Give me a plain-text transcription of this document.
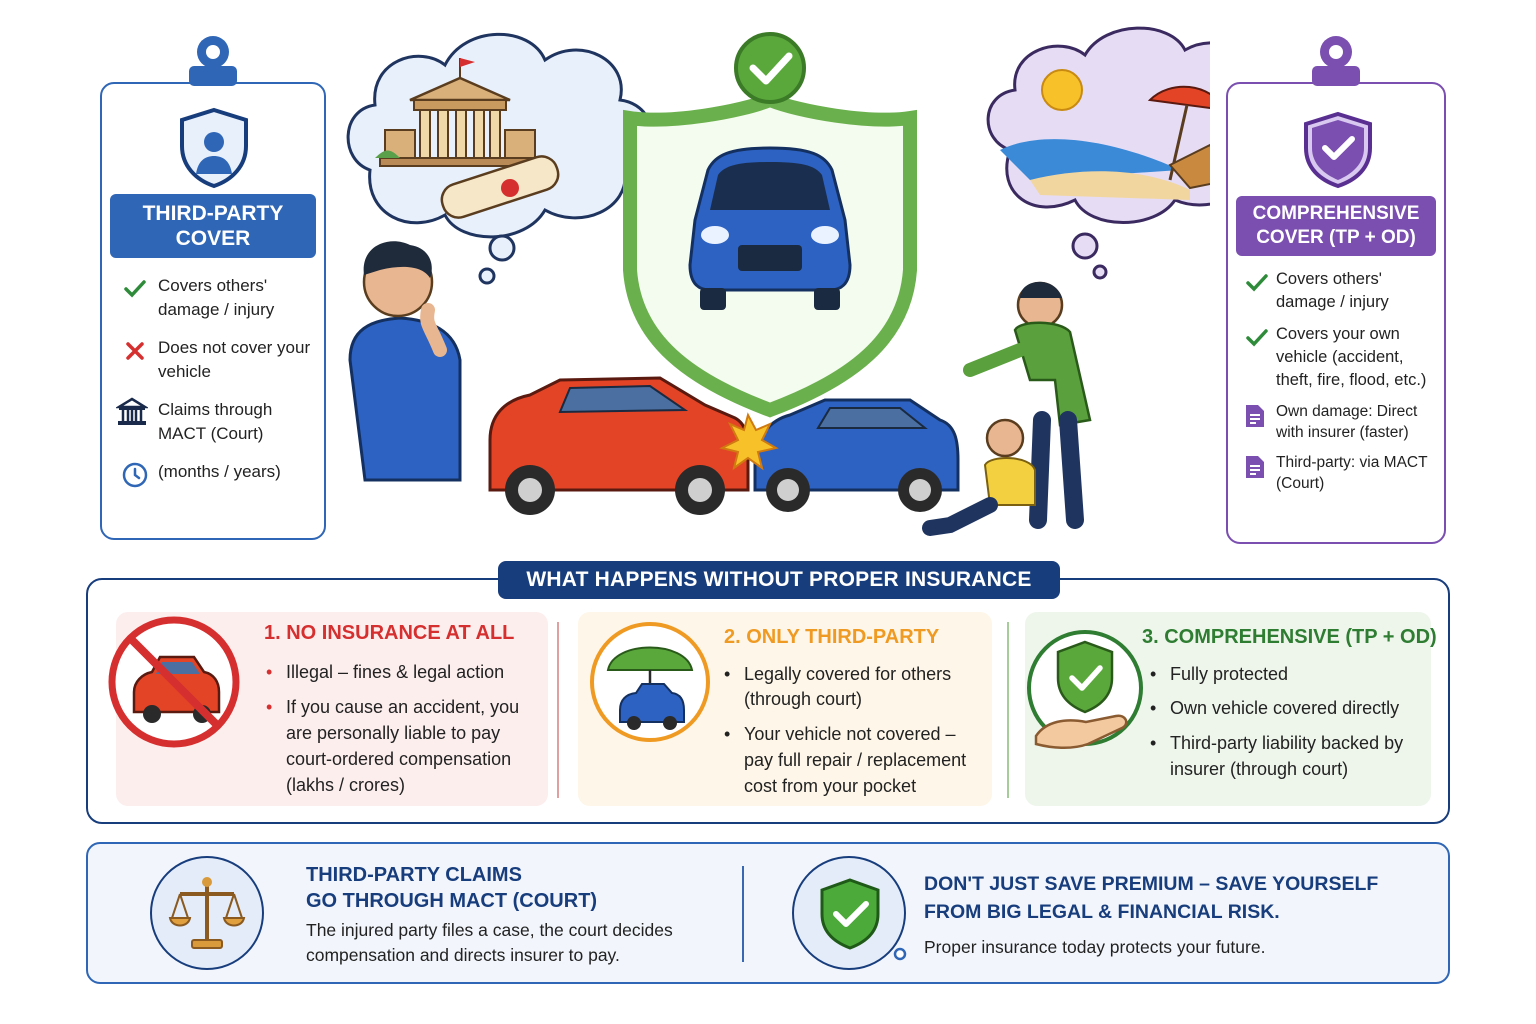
THIRD-PARTY
COVER
Covers others' damage / injury
Does not cover your vehicle
Claims through MACT (Court)
(months / years)
COMPREHENSIVE
COVER (TP + OD)
Covers others' damage / injury
Covers your own vehicle (accident, theft, fire, flood, etc.)
Own damage: Direct with insurer (faster)
Third-party: via MACT (Court)
WHAT HAPPENS WITHOUT PROPER INSURANCE
1. NO INSURANCE AT ALL
• Illegal – fines & legal action
• If you cause an accident, you are personally liable to pay court-ordered compensation (lakhs / crores)
2. ONLY THIRD-PARTY
• Legally covered for others (through court)
• Your vehicle not covered – pay full repair / replacement cost from your pocket
3. COMPREHENSIVE (TP + OD)
• Fully protected
• Own vehicle covered directly
• Third-party liability backed by insurer (through court)
THIRD-PARTY CLAIMS
GO THROUGH MACT (COURT)
The injured party files a case, the court decides compensation and directs insurer to pay.
DON'T JUST SAVE PREMIUM – SAVE YOURSELF
FROM BIG LEGAL & FINANCIAL RISK.
Proper insurance today protects your future.
